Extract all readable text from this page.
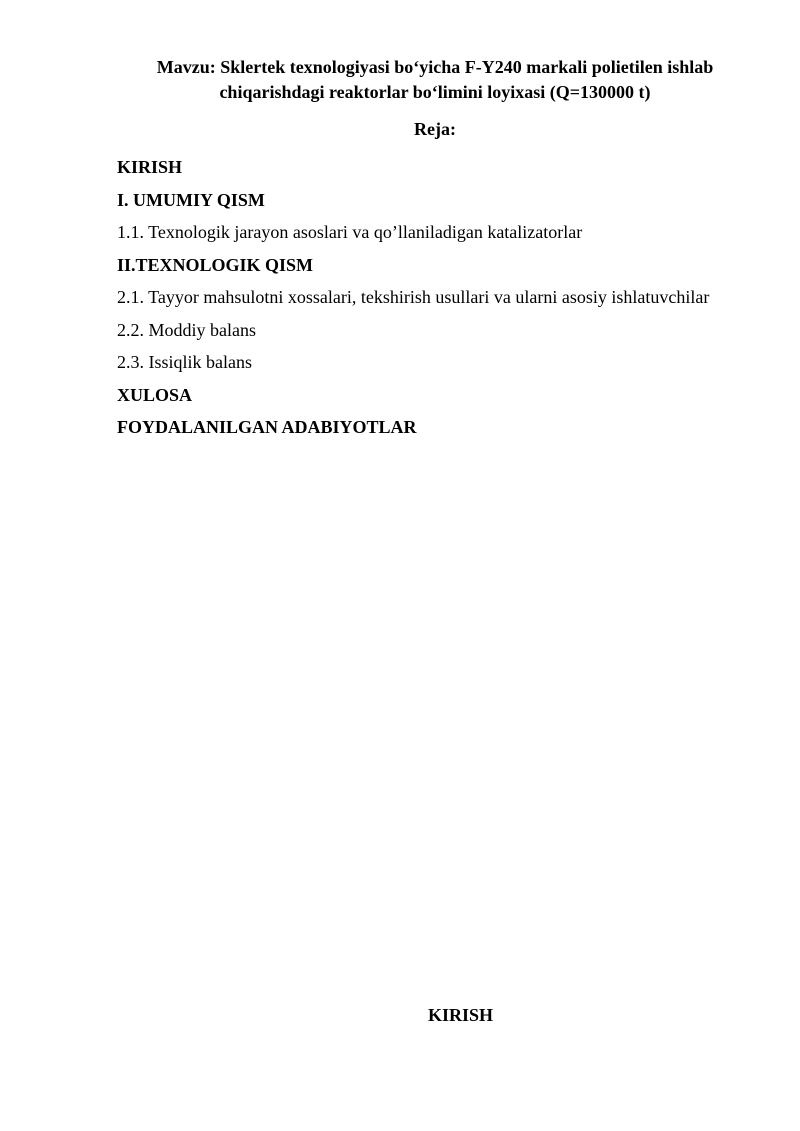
Mavzu: Sklertek texnologiyasi bo‘yicha F-Y240 markali polietilen ishlab
chiqarishdagi reaktorlar bo‘limini loyixasi (Q=130000 t)
Reja:
KIRISH
I. UMUMIY QISM
1.1. Texnologik jarayon asoslari va qo’llaniladigan katalizatorlar
II.TEXNOLOGIK QISM
2.1. Tayyor mahsulotni xossalari, tekshirish usullari va ularni asosiy ishlatuvchilar
2.2. Moddiy balans
2.3. Issiqlik balans
XULOSA
FOYDALANILGAN ADABIYOTLAR
KIRISH
